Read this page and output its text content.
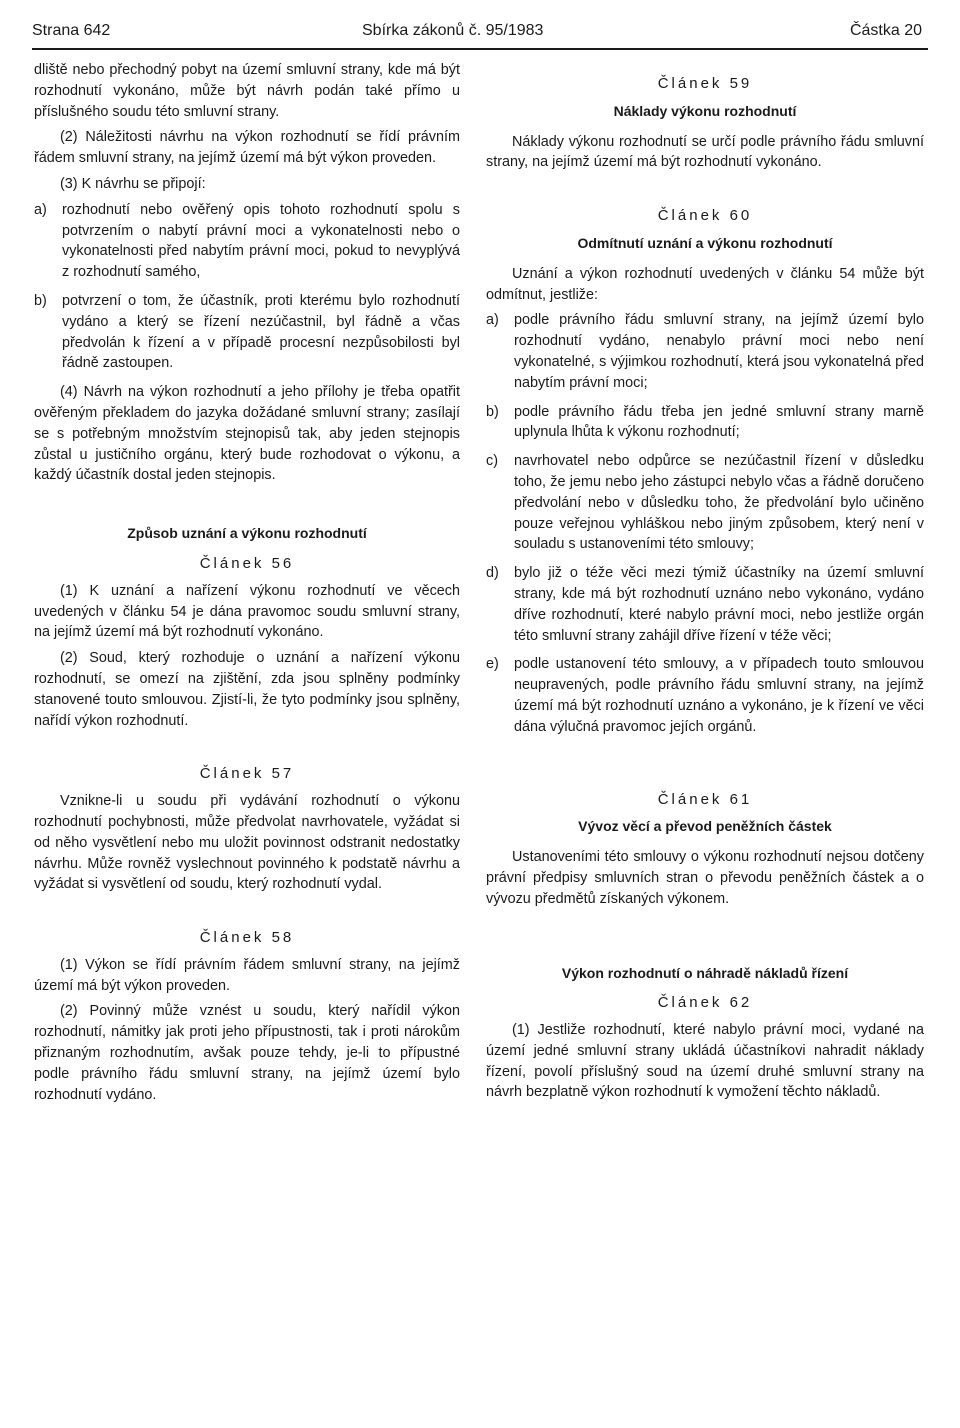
Strana 642	Sbírka zákonů č. 95/1983	Částka 20

dliště nebo přechodný pobyt na území smluvní strany, kde má být rozhodnutí vykonáno, může být návrh podán také přímo u příslušného soudu této smluvní strany.

(2) Náležitosti návrhu na výkon rozhodnutí se řídí právním řádem smluvní strany, na jejímž území má být výkon proveden.

(3) K návrhu se připojí:

a)	rozhodnutí nebo ověřený opis tohoto rozhodnutí spolu s potvrzením o nabytí právní moci a vykonatelnosti nebo o vykonatelnosti před nabytím právní moci, pokud to nevyplývá z rozhodnutí samého,
b)	potvrzení o tom, že účastník, proti kterému bylo rozhodnutí vydáno a který se řízení nezúčastnil, byl řádně a včas předvolán k řízení a v případě procesní nezpůsobilosti byl řádně zastoupen.

(4) Návrh na výkon rozhodnutí a jeho přílohy je třeba opatřit ověřeným překladem do jazyka dožádané smluvní strany; zasílají se s potřebným množstvím stejnopisů tak, aby jeden stejnopis zůstal u justičního orgánu, který bude rozhodovat o výkonu, a každý účastník dostal jeden stejnopis.

Způsob uznání a výkonu rozhodnutí
Článek 56

(1) K uznání a nařízení výkonu rozhodnutí ve věcech uvedených v článku 54 je dána pravomoc soudu smluvní strany, na jejímž území má být rozhodnutí vykonáno.

(2) Soud, který rozhoduje o uznání a nařízení výkonu rozhodnutí, se omezí na zjištění, zda jsou splněny podmínky stanovené touto smlouvou. Zjistí-li, že tyto podmínky jsou splněny, nařídí výkon rozhodnutí.

Článek 57

Vznikne-li u soudu při vydávání rozhodnutí o výkonu rozhodnutí pochybnosti, může předvolat navrhovatele, vyžádat si od něho vysvětlení nebo mu uložit povinnost odstranit nedostatky návrhu. Může rovněž vyslechnout povinného k podstatě návrhu a vyžádat si vysvětlení od soudu, který rozhodnutí vydal.

Článek 58

(1) Výkon se řídí právním řádem smluvní strany, na jejímž území má být výkon proveden.

(2) Povinný může vznést u soudu, který nařídil výkon rozhodnutí, námitky jak proti jeho přípustnosti, tak i proti nárokům přiznaným rozhodnutím, avšak pouze tehdy, je-li to přípustné podle právního řádu smluvní strany, na jejímž území bylo rozhodnutí vydáno.

Článek 59
Náklady výkonu rozhodnutí

Náklady výkonu rozhodnutí se určí podle právního řádu smluvní strany, na jejímž území má být rozhodnutí vykonáno.

Článek 60
Odmítnutí uznání a výkonu rozhodnutí

Uznání a výkon rozhodnutí uvedených v článku 54 může být odmítnut, jestliže:

a)	podle právního řádu smluvní strany, na jejímž území bylo rozhodnutí vydáno, nenabylo právní moci nebo není vykonatelné, s výjimkou rozhodnutí, která jsou vykonatelná před nabytím právní moci;
b)	podle právního řádu třeba jen jedné smluvní strany marně uplynula lhůta k výkonu rozhodnutí;
c)	navrhovatel nebo odpůrce se nezúčastnil řízení v důsledku toho, že jemu nebo jeho zástupci nebylo včas a řádně doručeno předvolání nebo v důsledku toho, že předvolání bylo učiněno pouze veřejnou vyhláškou nebo jiným způsobem, který není v souladu s ustanoveními této smlouvy;
d)	bylo již o téže věci mezi týmiž účastníky na území smluvní strany, kde má být rozhodnutí uznáno nebo vykonáno, vydáno dříve rozhodnutí, které nabylo právní moci, nebo jestliže orgán této smluvní strany zahájil dříve řízení v téže věci;
e)	podle ustanovení této smlouvy, a v případech touto smlouvou neupravených, podle právního řádu smluvní strany, na jejímž území má být rozhodnutí uznáno a vykonáno, je k řízení ve věci dána výlučná pravomoc jejích orgánů.
Článek 61
Vývoz věcí a převod peněžních částek

Ustanoveními této smlouvy o výkonu rozhodnutí nejsou dotčeny právní předpisy smluvních stran o převodu peněžních částek a o vývozu předmětů získaných výkonem.

Výkon rozhodnutí o náhradě nákladů řízení
Článek 62

(1) Jestliže rozhodnutí, které nabylo právní moci, vydané na území jedné smluvní strany ukládá účastníkovi nahradit náklady řízení, povolí příslušný soud na území druhé smluvní strany na návrh bezplatně výkon rozhodnutí k vymožení těchto nákladů.
